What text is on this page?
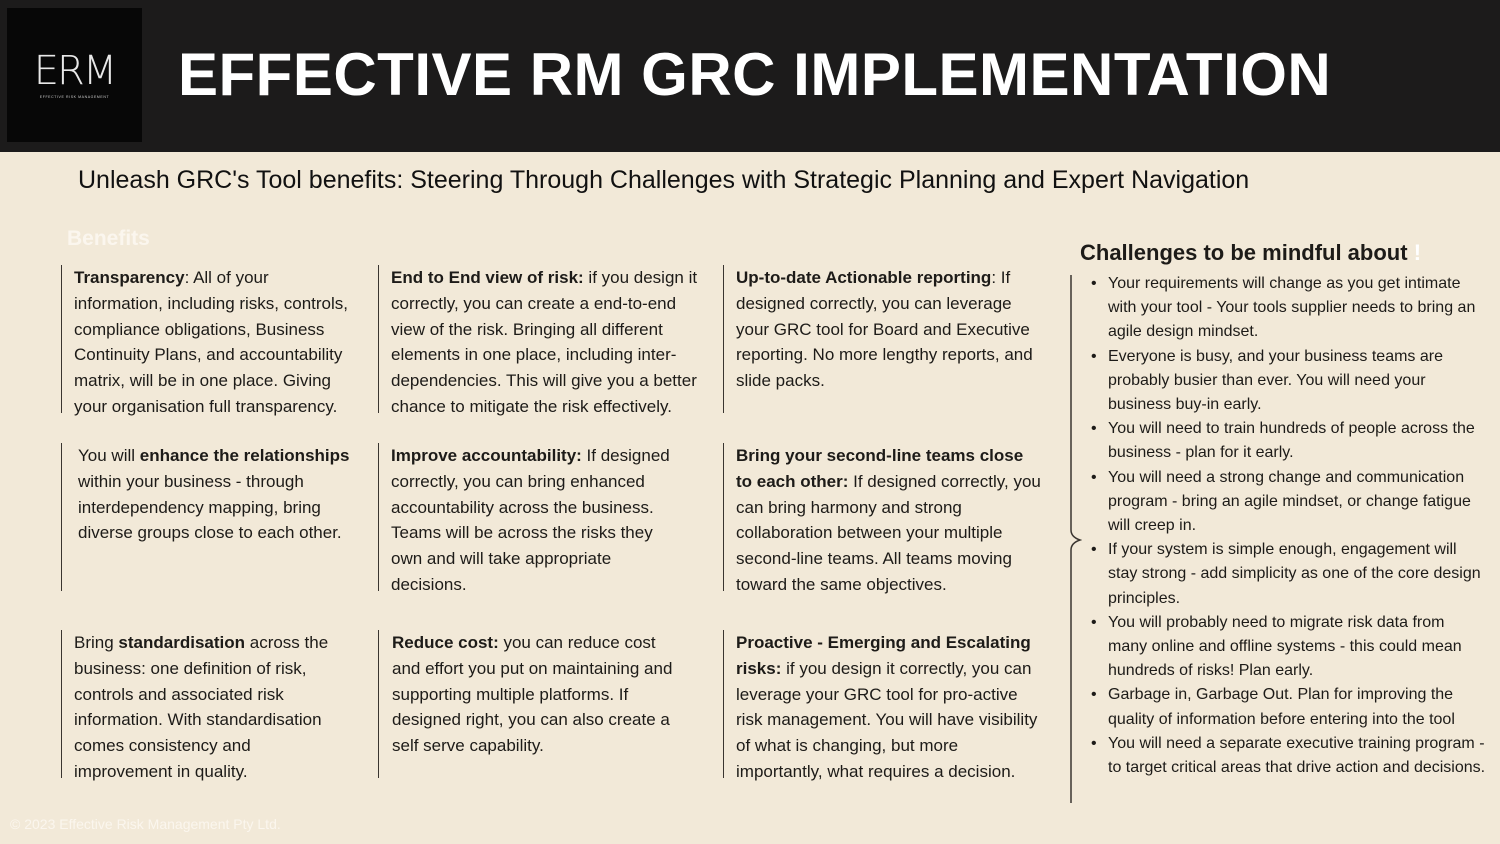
ERM
EFFECTIVE RISK MANAGEMENT EFFECTIVE RM GRC IMPLEMENTATION
Unleash GRC's Tool benefits: Steering Through Challenges with Strategic Planning and Expert Navigation
Benefits
Transparency: All of your information, including risks, controls, compliance obligations, Business Continuity Plans, and accountability matrix, will be in one place. Giving your organisation full transparency.
End to End view of risk: if you design it correctly, you can create a end-to-end view of the risk. Bringing all different elements in one place, including inter-dependencies. This will give you a better chance to mitigate the risk effectively.
Up-to-date Actionable reporting: If designed correctly, you can leverage your GRC tool for Board and Executive reporting. No more lengthy reports, and slide packs.
You will enhance the relationships within your business - through interdependency mapping, bring diverse groups close to each other.
Improve accountability: If designed correctly, you can bring enhanced accountability across the business. Teams will be across the risks they own and will take appropriate decisions.
Bring your second-line teams close to each other: If designed correctly, you can bring harmony and strong collaboration between your multiple second-line teams. All teams moving toward the same objectives.
Bring standardisation across the business: one definition of risk, controls and associated risk information. With standardisation comes consistency and improvement in quality.
Reduce cost: you can reduce cost and effort you put on maintaining and supporting multiple platforms. If designed right, you can also create a self serve capability.
Proactive - Emerging and Escalating risks: if you design it correctly, you can leverage your GRC tool for pro-active risk management. You will have visibility of what is changing, but more importantly, what requires a decision.
Challenges to be mindful about !
• Your requirements will change as you get intimate with your tool - Your tools supplier needs to bring an agile design mindset.
• Everyone is busy, and your business teams are probably busier than ever. You will need your business buy-in early.
• You will need to train hundreds of people across the business - plan for it early.
• You will need a strong change and communication program - bring an agile mindset, or change fatigue will creep in.
• If your system is simple enough, engagement will stay strong - add simplicity as one of the core design principles.
• You will probably need to migrate risk data from many online and offline systems - this could mean hundreds of risks! Plan early.
• Garbage in, Garbage Out. Plan for improving the quality of information before entering into the tool
• You will need a separate executive training program - to target critical areas that drive action and decisions.
© 2023 Effective Risk Management Pty Ltd.
